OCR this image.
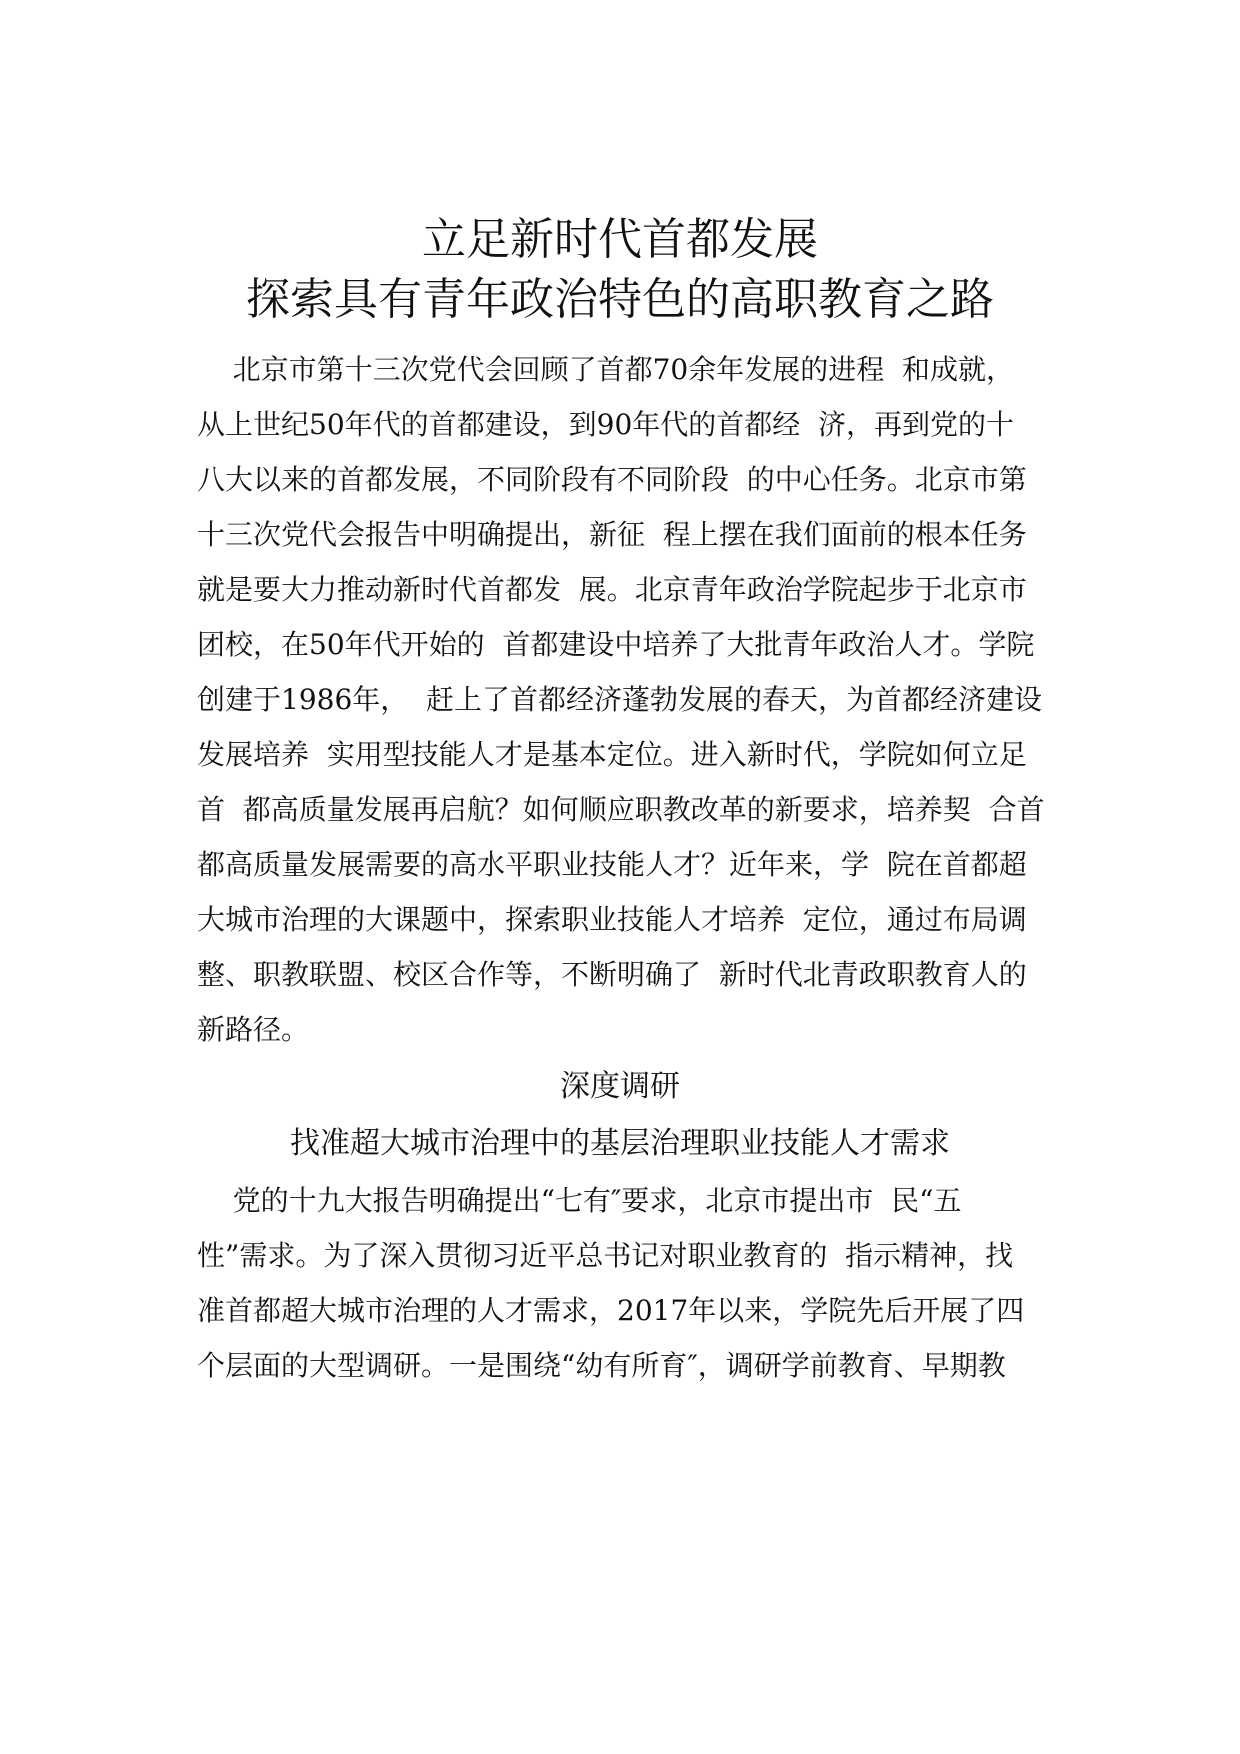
立足新时代首都发展
探索具有青年政治特色的高职教育之路
北京市第十三次党代会回顾了首都70余年发展的进程  和成就，
从上世纪50年代的首都建设，到90年代的首都经  济，再到党的十
八大以来的首都发展，不同阶段有不同阶段  的中心任务。北京市第
十三次党代会报告中明确提出，新征  程上摆在我们面前的根本任务
就是要大力推动新时代首都发  展。北京青年政治学院起步于北京市
团校，在50年代开始的  首都建设中培养了大批青年政治人才。学院
创建于1986年，  赶上了首都经济蓬勃发展的春天，为首都经济建设
发展培养  实用型技能人才是基本定位。进入新时代，学院如何立足
首  都高质量发展再启航？如何顺应职教改革的新要求，培养契  合首
都高质量发展需要的高水平职业技能人才？近年来，学  院在首都超
大城市治理的大课题中，探索职业技能人才培养  定位，通过布局调
整、职教联盟、校区合作等，不断明确了  新时代北青政职教育人的
新路径。
深度调研
找准超大城市治理中的基层治理职业技能人才需求
党的十九大报告明确提出“七有″要求，北京市提出市  民“五
性”需求。为了深入贯彻习近平总书记对职业教育的  指示精神，找
准首都超大城市治理的人才需求，2017年以来，学院先后开展了四
个层面的大型调研。一是围绕“幼有所育″，调研学前教育、早期教
